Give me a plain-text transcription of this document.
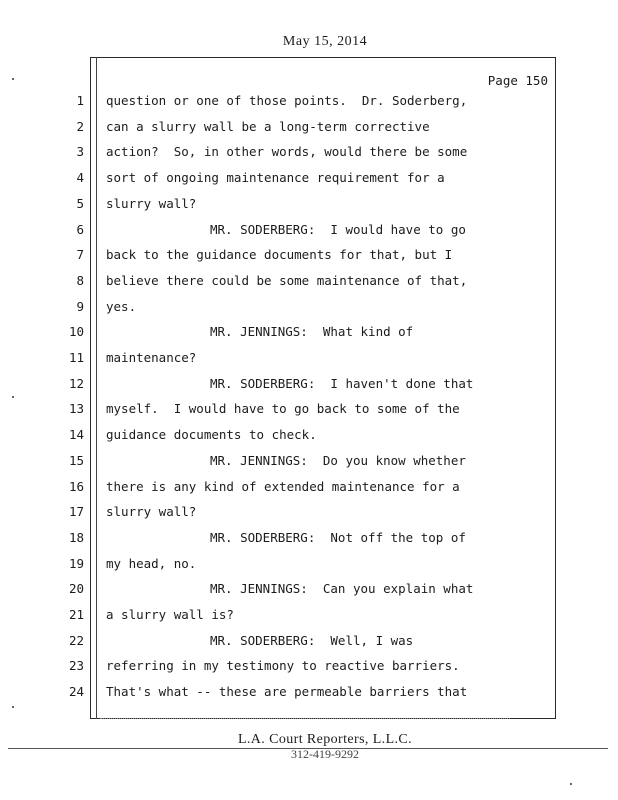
May 15, 2014
Page 150
1 question or one of those points.  Dr. Soderberg,
2 can a slurry wall be a long-term corrective
3 action?  So, in other words, would there be some
4 sort of ongoing maintenance requirement for a
5 slurry wall?
6	MR. SODERBERG:  I would have to go
7 back to the guidance documents for that, but I
8 believe there could be some maintenance of that,
9 yes.
10	MR. JENNINGS:  What kind of
11 maintenance?
12	MR. SODERBERG:  I haven't done that
13 myself.  I would have to go back to some of the
14 guidance documents to check.
15	MR. JENNINGS:  Do you know whether
16 there is any kind of extended maintenance for a
17 slurry wall?
18	MR. SODERBERG:  Not off the top of
19 my head, no.
20	MR. JENNINGS:  Can you explain what
21 a slurry wall is?
22	MR. SODERBERG:  Well, I was
23 referring in my testimony to reactive barriers.
24 That's what -- these are permeable barriers that
L.A. Court Reporters, L.L.C.
312-419-9292
